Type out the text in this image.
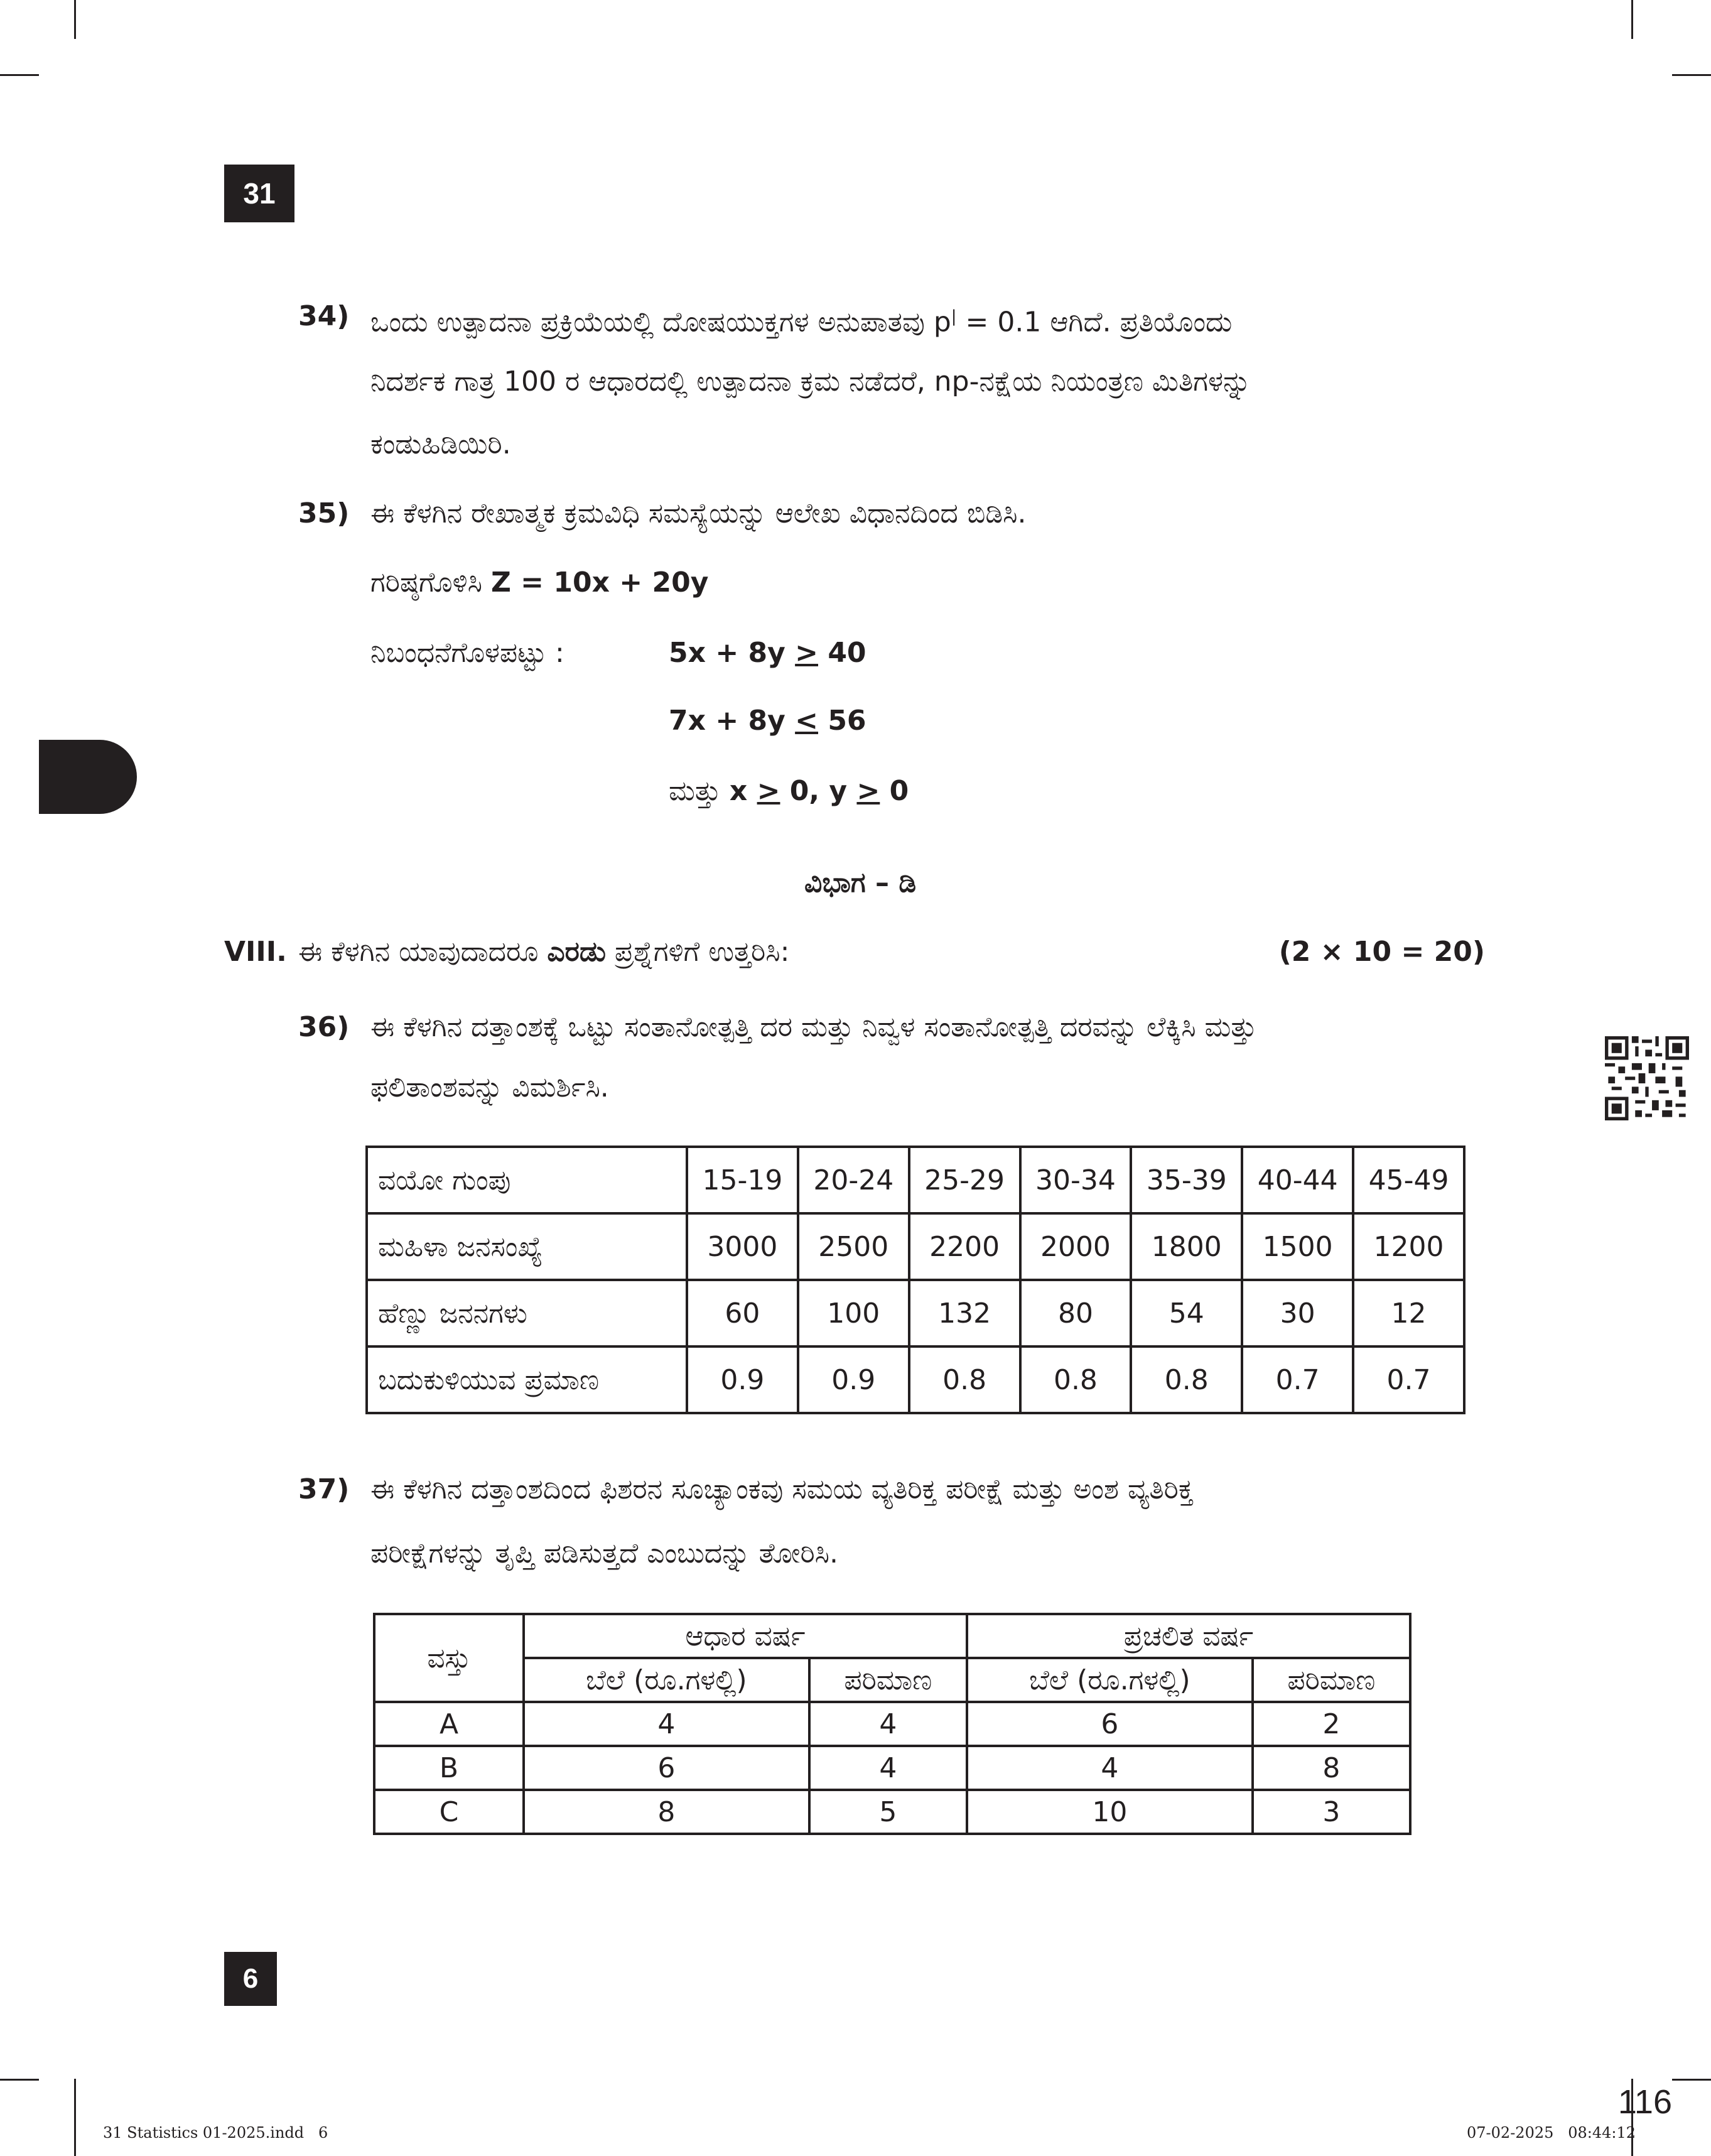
31
34) ಒಂದು ಉತ್ಪಾದನಾ ಪ್ರಕ್ರಿಯೆಯಲ್ಲಿ ದೋಷಯುಕ್ತಗಳ ಅನುಪಾತವು p| = 0.1 ಆಗಿದೆ. ಪ್ರತಿಯೊಂದು
ನಿದರ್ಶಕ ಗಾತ್ರ 100 ರ ಆಧಾರದಲ್ಲಿ ಉತ್ಪಾದನಾ ಕ್ರಮ ನಡೆದರೆ, np-ನಕ್ಷೆಯ ನಿಯಂತ್ರಣ ಮಿತಿಗಳನ್ನು
ಕಂಡುಹಿಡಿಯಿರಿ.
35) ಈ ಕೆಳಗಿನ ರೇಖಾತ್ಮಕ ಕ್ರಮವಿಧಿ ಸಮಸ್ಯೆಯನ್ನು ಆಲೇಖ ವಿಧಾನದಿಂದ ಬಿಡಿಸಿ.
ಗರಿಷ್ಠಗೊಳಿಸಿ Z = 10x + 20y
ನಿಬಂಧನೆಗೊಳಪಟ್ಟು :	5x + 8y > 40
7x + 8y < 56
ಮತ್ತು x > 0, y > 0
ವಿಭಾಗ – ಡಿ
VIII. ಈ ಕೆಳಗಿನ ಯಾವುದಾದರೂ ಎರಡು ಪ್ರಶ್ನೆಗಳಿಗೆ ಉತ್ತರಿಸಿ:	(2 × 10 = 20)
36) ಈ ಕೆಳಗಿನ ದತ್ತಾಂಶಕ್ಕೆ ಒಟ್ಟು ಸಂತಾನೋತ್ಪತ್ತಿ ದರ ಮತ್ತು ನಿವ್ವಳ ಸಂತಾನೋತ್ಪತ್ತಿ ದರವನ್ನು ಲೆಕ್ಕಿಸಿ ಮತ್ತು
ಫಲಿತಾಂಶವನ್ನು ವಿಮರ್ಶಿಸಿ.
ವಯೋ ಗುಂಪು	15-19	20-24	25-29	30-34	35-39	40-44	45-49
ಮಹಿಳಾ ಜನಸಂಖ್ಯೆ	3000	2500	2200	2000	1800	1500	1200
ಹೆಣ್ಣು ಜನನಗಳು	60	100	132	80	54	30	12
ಬದುಕುಳಿಯುವ ಪ್ರಮಾಣ	0.9	0.9	0.8	0.8	0.8	0.7	0.7
37) ಈ ಕೆಳಗಿನ ದತ್ತಾಂಶದಿಂದ ಫಿಶರನ ಸೂಚ್ಯಾಂಕವು ಸಮಯ ವ್ಯತಿರಿಕ್ತ ಪರೀಕ್ಷೆ ಮತ್ತು ಅಂಶ ವ್ಯತಿರಿಕ್ತ
ಪರೀಕ್ಷೆಗಳನ್ನು ತೃಪ್ತಿ ಪಡಿಸುತ್ತದೆ ಎಂಬುದನ್ನು ತೋರಿಸಿ.
ವಸ್ತು	ಆಧಾರ ವರ್ಷ		ಪ್ರಚಲಿತ ವರ್ಷ	
	ಬೆಲೆ (ರೂ.ಗಳಲ್ಲಿ)	ಪರಿಮಾಣ	ಬೆಲೆ (ರೂ.ಗಳಲ್ಲಿ)	ಪರಿಮಾಣ
A	4	4	6	2
B	6	4	4	8
C	8	5	10	3
6
116
31 Statistics 01-2025.indd   6	07-02-2025   08:44:12
